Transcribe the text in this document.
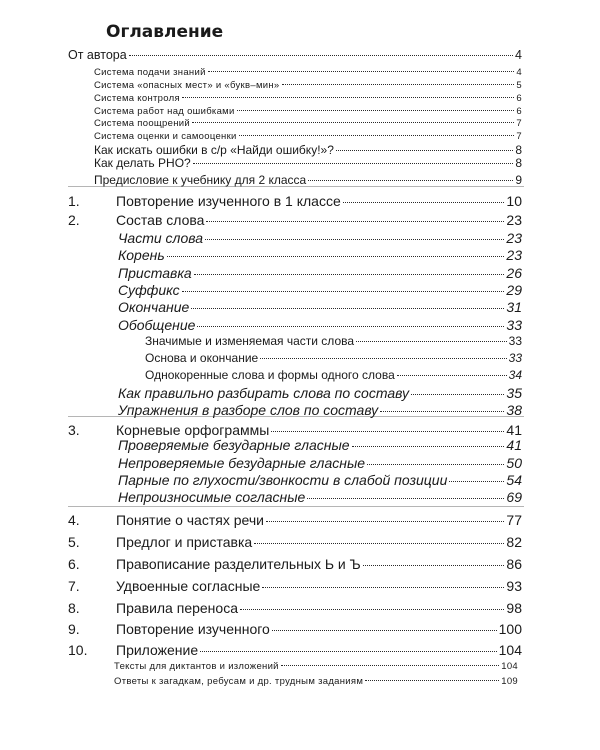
Оглавление
От автора	4
Система подачи знаний	4
Система «опасных мест» и «букв–мин»	5
Система контроля	6
Система работ над ошибками	6
Система поощрений	7
Система оценки и самооценки	7
Как искать ошибки в с/р «Найди ошибку!»?	8
Как делать РНО?	8
Предисловие к учебнику для 2 класса	9
1.	Повторение изученного в 1 классе	10
2.	Состав слова	23
Части слова	23
Корень	23
Приставка	26
Суффикс	29
Окончание	31
Обобщение	33
Значимые и изменяемая части слова	33
Основа и окончание	33
Однокоренные слова и формы одного слова	34
Как правильно разбирать слова по составу	35
Упражнения в разборе слов по составу	38
3.	Корневые орфограммы	41
Проверяемые безударные гласные	41
Непроверяемые безударные гласные	50
Парные по глухости/звонкости в слабой позиции	54
Непроизносимые согласные	69
4.	Понятие о частях речи	77
5.	Предлог и приставка	82
6.	Правописание разделительных Ь и Ъ	86
7.	Удвоенные согласные	93
8.	Правила переноса	98
9.	Повторение изученного	100
10.	Приложение	104
Тексты для диктантов и изложений	104
Ответы к загадкам, ребусам и др. трудным заданиям	109
